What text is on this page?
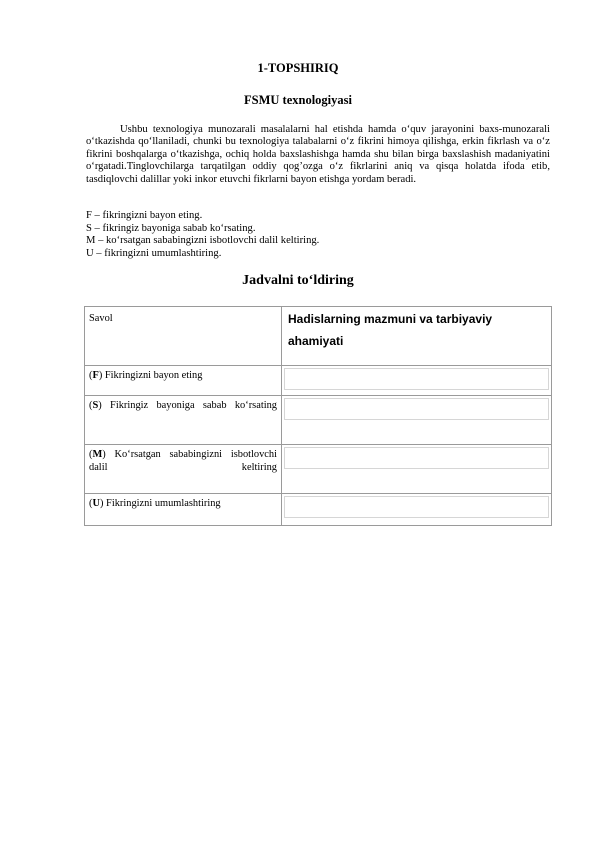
1-TOPSHIRIQ
FSMU texnologiyasi

Ushbu texnologiya munozarali masalalarni hal etishda hamda o‘quv jarayonini baxs-munozarali o‘tkazishda qo‘llaniladi, chunki bu texnologiya talabalarni o‘z fikrini himoya qilishga, erkin fikrlash va o‘z fikrini boshqalarga o‘tkazishga, ochiq holda baxslashishga hamda shu bilan birga baxslashish madaniyatini o‘rgatadi.Tinglovchilarga tarqatilgan oddiy qog’ozga o‘z fikrlarini aniq va qisqa holatda ifoda etib, tasdiqlovchi dalillar yoki inkor etuvchi fikrlarni bayon etishga yordam beradi.

F – fikringizni bayon eting.
S – fikringiz bayoniga sabab ko‘rsating.
M – ko‘rsatgan sababingizni isbotlovchi dalil keltiring.
U – fikringizni umumlashtiring.
Jadvalni to‘ldiring
Savol	Hadislarning mazmuni va tarbiyaviy ahamiyati
(F) Fikringizni bayon eting	

(S) Fikringiz bayoniga sabab ko‘rsating	

(M) Ko‘rsatgan sababingizni isbotlovchi dalil keltiring	

(U) Fikringizni umumlashtiring	
